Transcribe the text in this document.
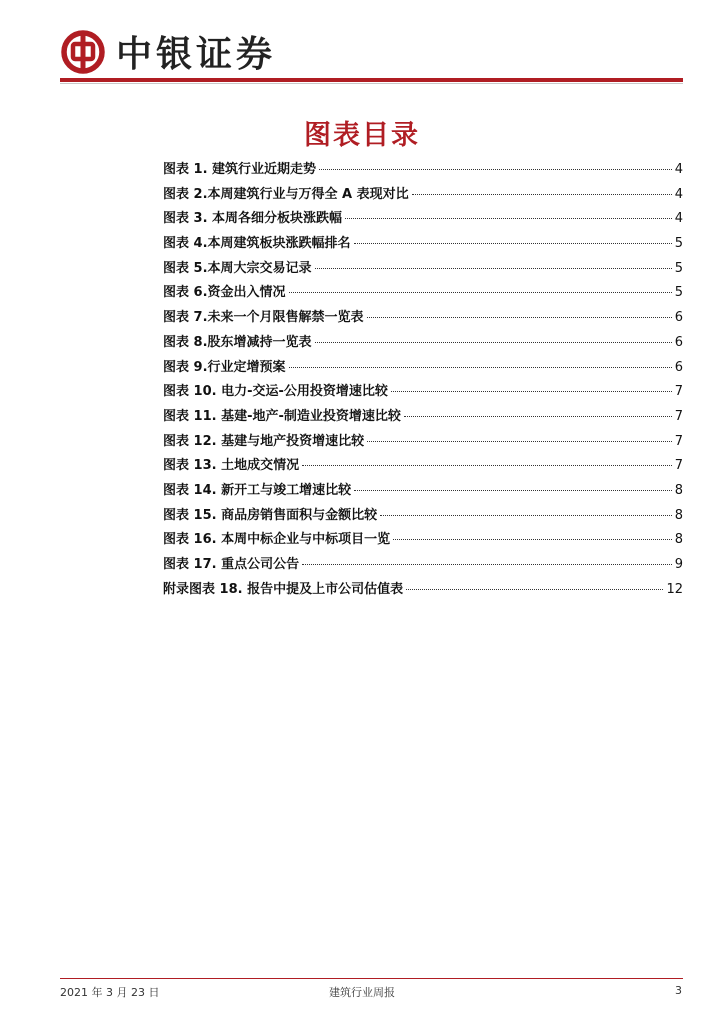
中银证券
图表目录
图表 1. 建筑行业近期走势	4
图表 2.本周建筑行业与万得全 A 表现对比	4
图表 3. 本周各细分板块涨跌幅	4
图表 4.本周建筑板块涨跌幅排名	5
图表 5.本周大宗交易记录	5
图表 6.资金出入情况	5
图表 7.未来一个月限售解禁一览表	6
图表 8.股东增减持一览表	6
图表 9.行业定增预案	6
图表 10. 电力-交运-公用投资增速比较	7
图表 11. 基建-地产-制造业投资增速比较	7
图表 12. 基建与地产投资增速比较	7
图表 13. 土地成交情况	7
图表 14. 新开工与竣工增速比较	8
图表 15. 商品房销售面积与金额比较	8
图表 16. 本周中标企业与中标项目一览	8
图表 17. 重点公司公告	9
附录图表 18. 报告中提及上市公司估值表	12
2021 年 3 月 23 日	建筑行业周报	3
